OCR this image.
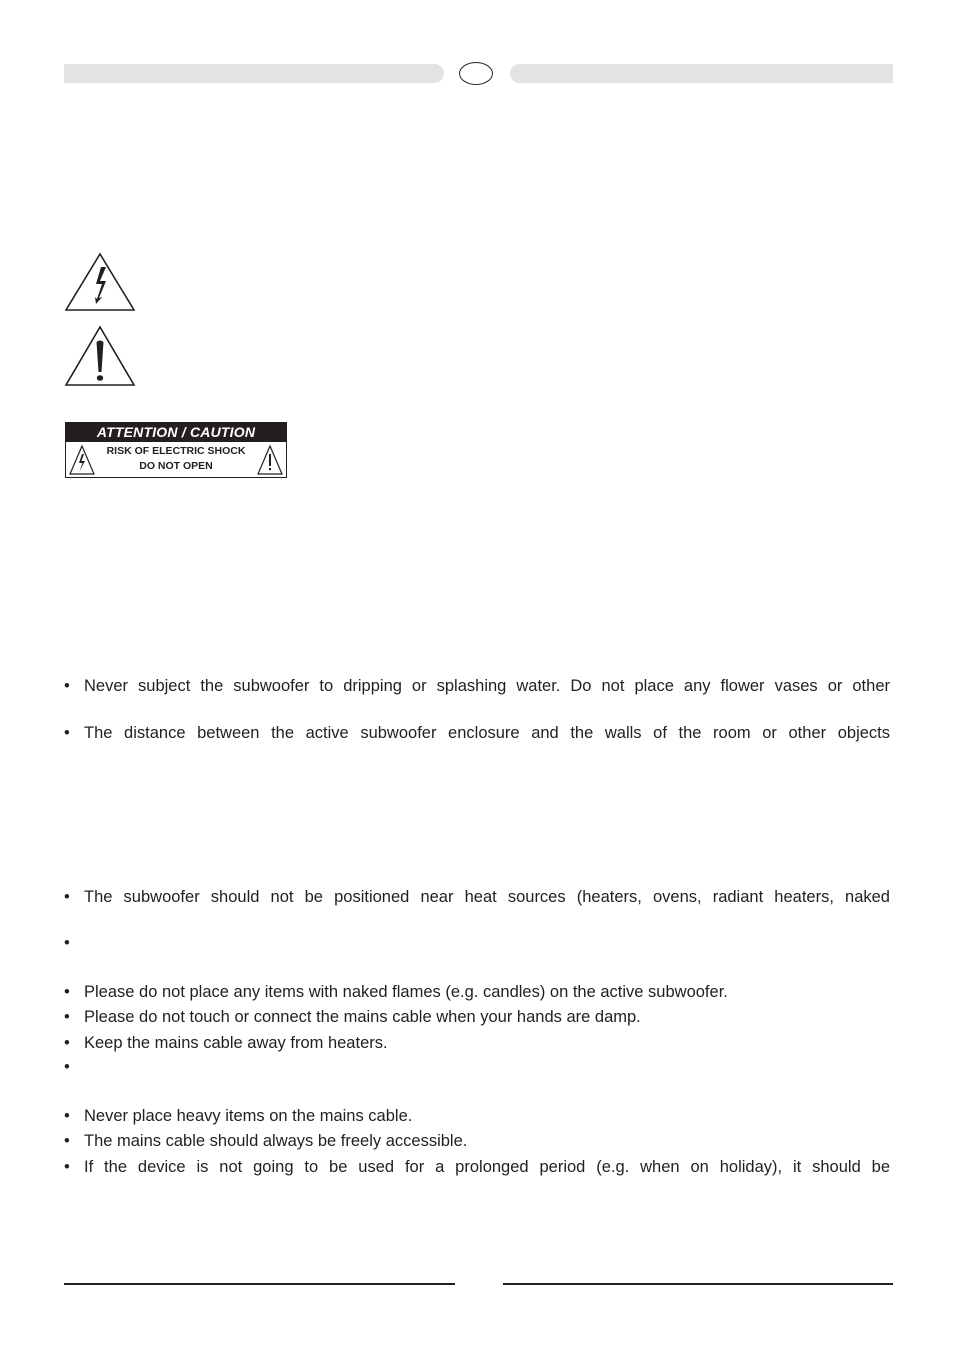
ATTENTION / CAUTION
RISK OF ELECTRIC SHOCK
DO NOT OPEN
• Never subject the subwoofer to dripping or splashing water. Do not place any flower vases or other
• The distance between the active subwoofer enclosure and the walls of the room or other objects
• The subwoofer should not be positioned near heat sources (heaters, ovens, radiant heaters, naked
•
• Please do not place any items with naked flames (e.g. candles) on the active subwoofer.
• Please do not touch or connect the mains cable when your hands are damp.
• Keep the mains cable away from heaters.
•
• Never place heavy items on the mains cable.
• The mains cable should always be freely accessible.
• If the device is not going to be used for a prolonged period (e.g. when on holiday), it should be
